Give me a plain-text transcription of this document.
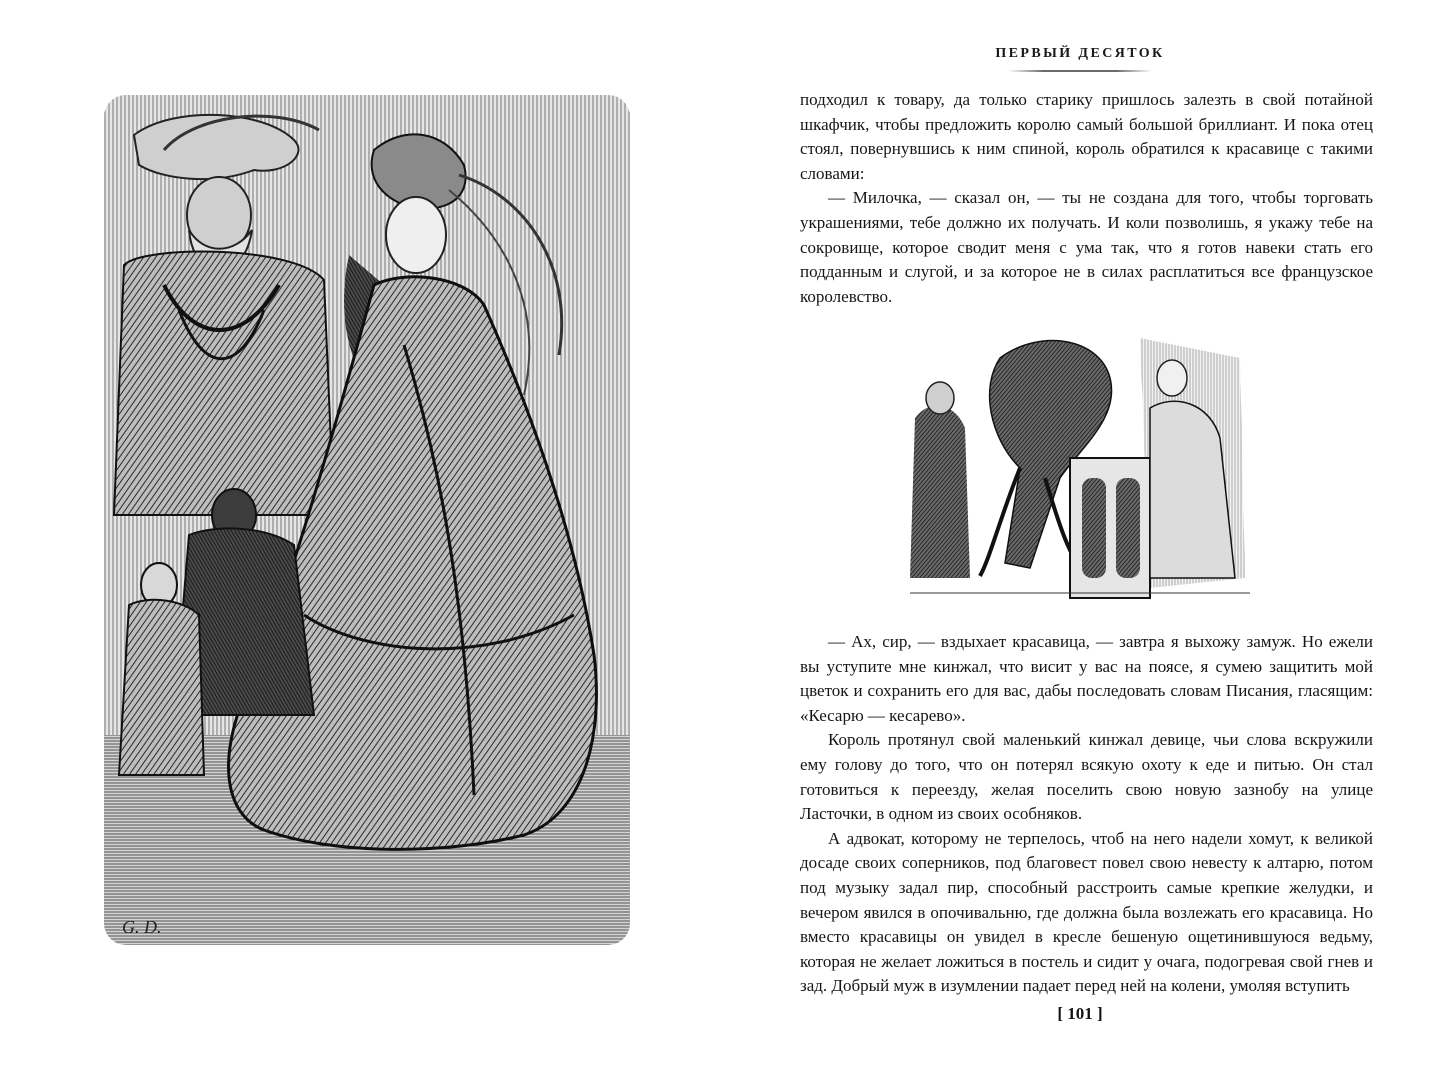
G. D.
ПЕРВЫЙ ДЕСЯТОК

подходил к товару, да только старику пришлось залезть в свой потайной шкафчик, чтобы предложить королю самый большой бриллиант. И пока отец стоял, повернувшись к ним спиной, король обратился к красавице с такими словами:

— Милочка, — сказал он, — ты не создана для того, чтобы торговать украшениями, тебе должно их получать. И коли позволишь, я укажу тебе на сокровище, которое сводит меня с ума так, что я готов навеки стать его подданным и слугой, и за которое не в силах расплатиться все французское королевство.

— Ах, сир, — вздыхает красавица, — завтра я выхожу замуж. Но ежели вы уступите мне кинжал, что висит у вас на поясе, я сумею защитить мой цветок и сохранить его для вас, дабы последовать словам Писания, гласящим: «Кесарю — кесарево».

Король протянул свой маленький кинжал девице, чьи слова вскружили ему голову до того, что он потерял всякую охоту к еде и питью. Он стал готовиться к переезду, желая поселить свою новую зазнобу на улице Ласточки, в одном из своих особняков.

А адвокат, которому не терпелось, чтоб на него надели хомут, к великой досаде своих соперников, под благовест повел свою невесту к алтарю, потом под музыку задал пир, способный расстроить самые крепкие желудки, и вечером явился в опочивальню, где должна была возлежать его красавица. Но вместо красавицы он увидел в кресле бешеную ощетинившуюся ведьму, которая не желает ложиться в постель и сидит у очага, подогревая свой гнев и зад. Добрый муж в изумлении падает перед ней на колени, умоляя вступить

[ 101 ]
